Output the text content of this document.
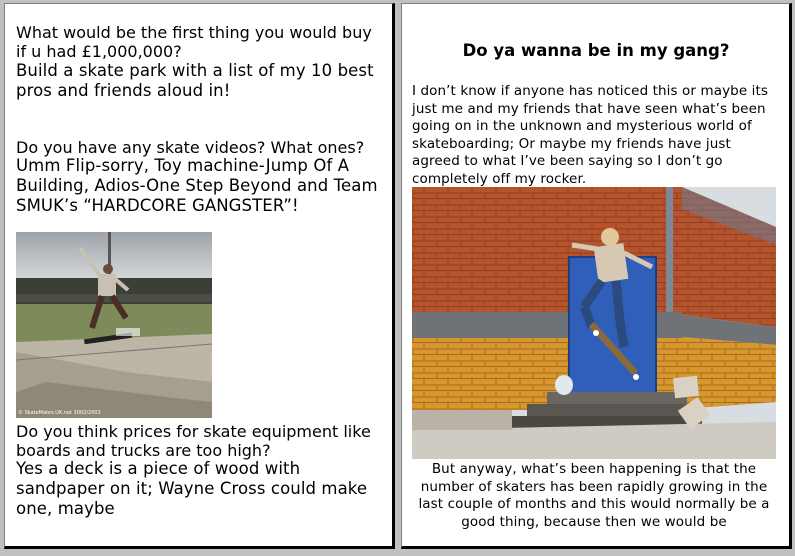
What would be the first thing you would buy if u had £1,000,000?

Build a skate park with a list of my 10 best pros and friends aloud in!

Do you have any skate videos? What ones?

Umm Flip-sorry, Toy machine-Jump Of A Building, Adios-One Step Beyond and Team SMUK’s “HARDCORE GANGSTER”!

© SkateMates.UK.net 2002/2003

Do you think prices for skate equipment like boards and trucks are too high?

Yes a deck is a piece of wood with sandpaper on it; Wayne Cross could make one, maybe

Do ya wanna be in my gang?

I don’t know if anyone has noticed this or maybe its just me and my friends that have seen what’s been going on in the unknown and mysterious world of skateboarding; Or maybe my friends have just agreed to what I’ve been saying so I don’t go completely off my rocker.

But anyway, what’s been happening is that the number of skaters has been rapidly growing in the last couple of months and this would normally be a good thing, because then we would be
